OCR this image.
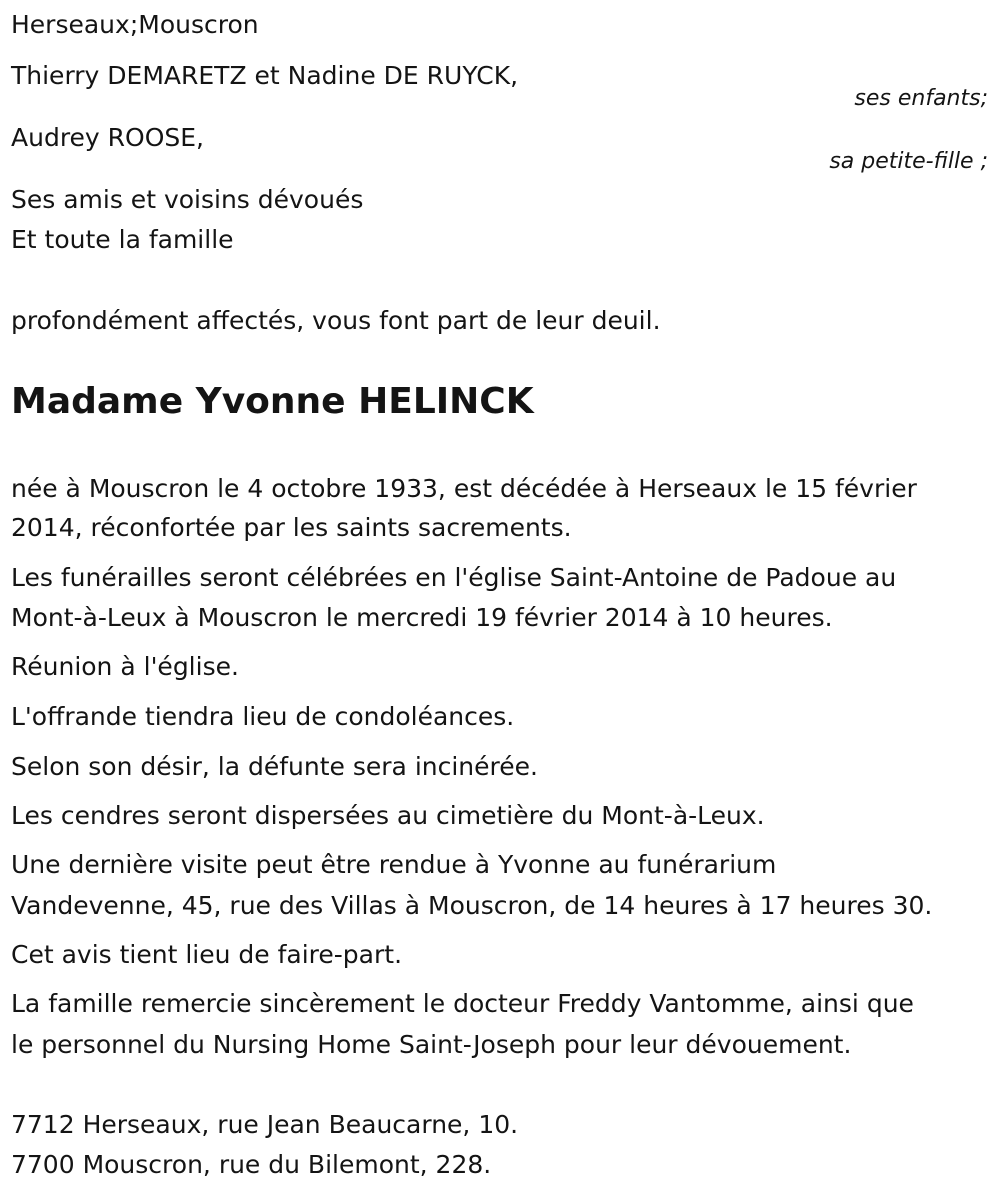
Herseaux;Mouscron

Thierry DEMARETZ et Nadine DE RUYCK,

ses enfants;

Audrey ROOSE,

sa petite-fille ;

Ses amis et voisins dévoués

Et toute la famille

profondément affectés, vous font part de leur deuil.

Madame Yvonne HELINCK

née à Mouscron le 4 octobre 1933, est décédée à Herseaux le 15 février

2014, réconfortée par les saints sacrements.

Les funérailles seront célébrées en l'église Saint-Antoine de Padoue au

Mont-à-Leux à Mouscron le mercredi 19 février 2014 à 10 heures.

Réunion à l'église.

L'offrande tiendra lieu de condoléances.

Selon son désir, la défunte sera incinérée.

Les cendres seront dispersées au cimetière du Mont-à-Leux.

Une dernière visite peut être rendue à Yvonne au funérarium

Vandevenne, 45, rue des Villas à Mouscron, de 14 heures à 17 heures 30.

Cet avis tient lieu de faire-part.

La famille remercie sincèrement le docteur Freddy Vantomme, ainsi que

le personnel du Nursing Home Saint-Joseph pour leur dévouement.

7712 Herseaux, rue Jean Beaucarne, 10.

7700 Mouscron, rue du Bilemont, 228.
